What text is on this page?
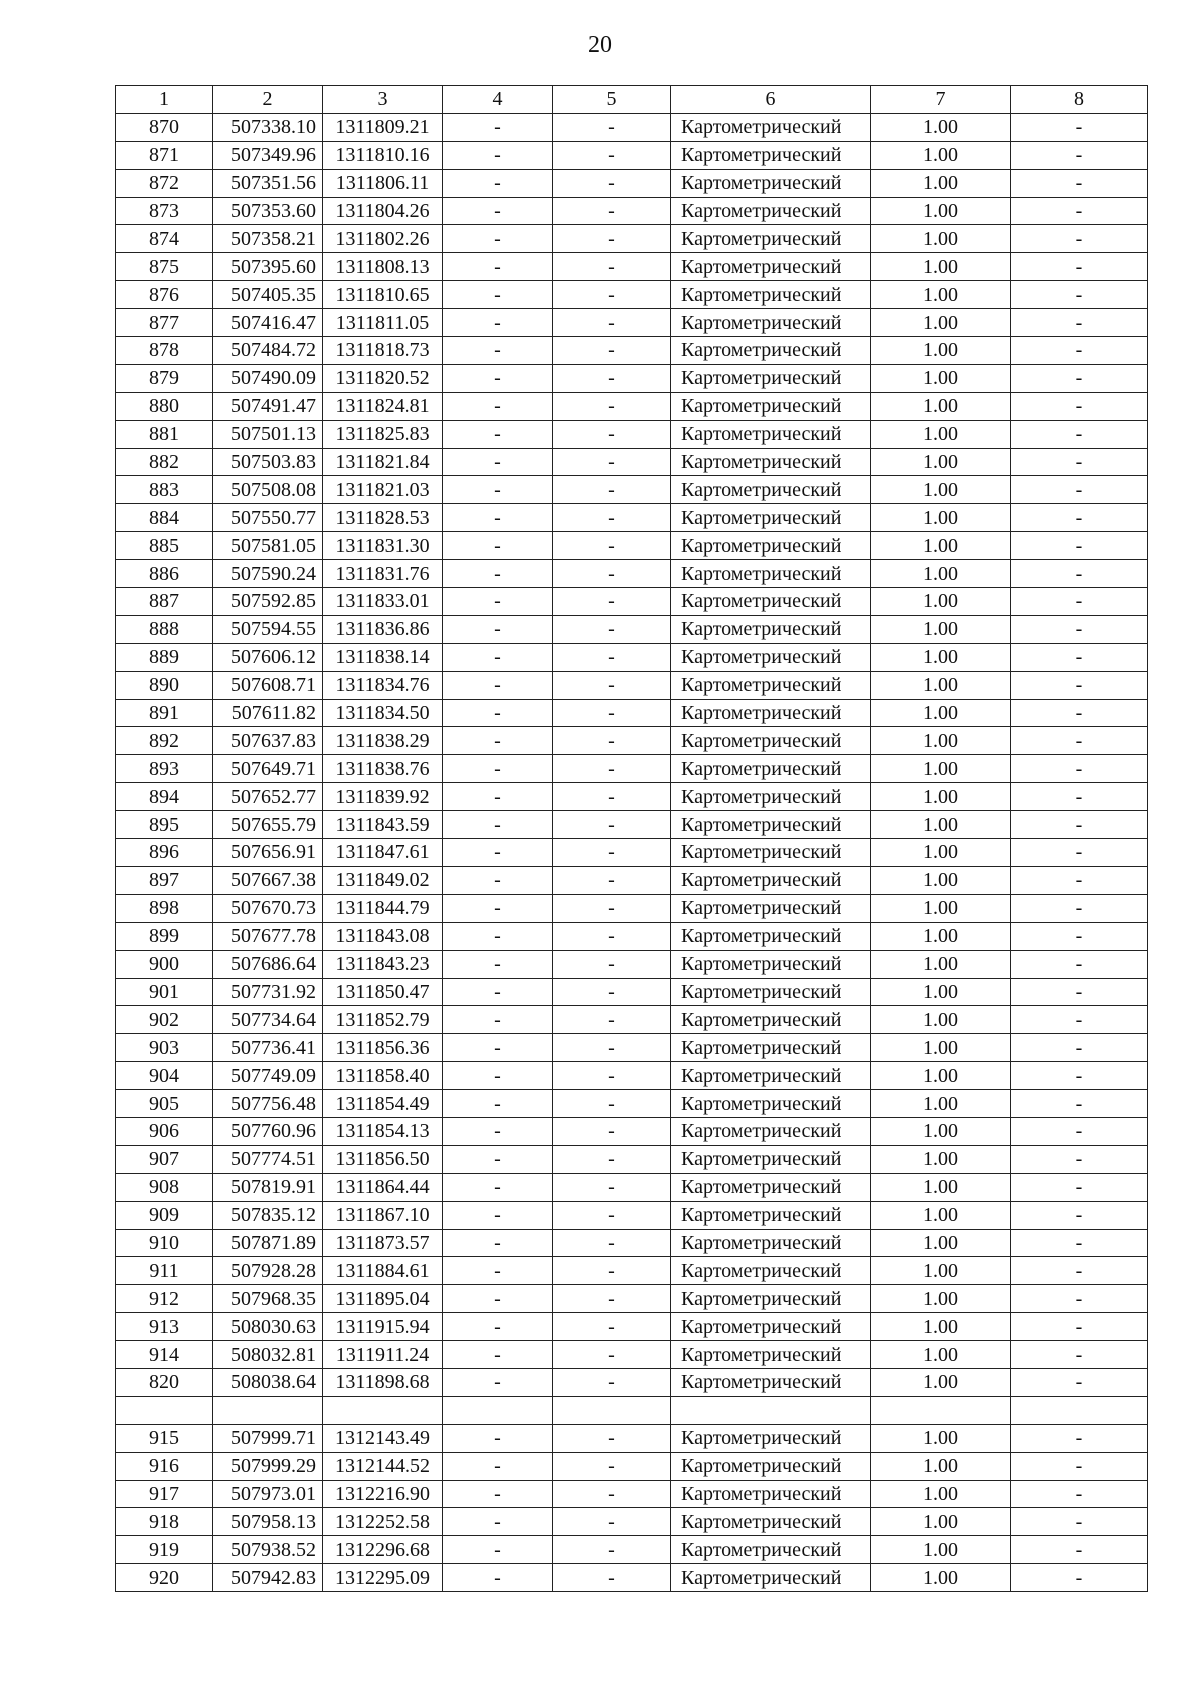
20
1	2	3	4	5	6	7	8
870	507338.10	1311809.21	-	-	Картометрический	1.00	-
871	507349.96	1311810.16	-	-	Картометрический	1.00	-
872	507351.56	1311806.11	-	-	Картометрический	1.00	-
873	507353.60	1311804.26	-	-	Картометрический	1.00	-
874	507358.21	1311802.26	-	-	Картометрический	1.00	-
875	507395.60	1311808.13	-	-	Картометрический	1.00	-
876	507405.35	1311810.65	-	-	Картометрический	1.00	-
877	507416.47	1311811.05	-	-	Картометрический	1.00	-
878	507484.72	1311818.73	-	-	Картометрический	1.00	-
879	507490.09	1311820.52	-	-	Картометрический	1.00	-
880	507491.47	1311824.81	-	-	Картометрический	1.00	-
881	507501.13	1311825.83	-	-	Картометрический	1.00	-
882	507503.83	1311821.84	-	-	Картометрический	1.00	-
883	507508.08	1311821.03	-	-	Картометрический	1.00	-
884	507550.77	1311828.53	-	-	Картометрический	1.00	-
885	507581.05	1311831.30	-	-	Картометрический	1.00	-
886	507590.24	1311831.76	-	-	Картометрический	1.00	-
887	507592.85	1311833.01	-	-	Картометрический	1.00	-
888	507594.55	1311836.86	-	-	Картометрический	1.00	-
889	507606.12	1311838.14	-	-	Картометрический	1.00	-
890	507608.71	1311834.76	-	-	Картометрический	1.00	-
891	507611.82	1311834.50	-	-	Картометрический	1.00	-
892	507637.83	1311838.29	-	-	Картометрический	1.00	-
893	507649.71	1311838.76	-	-	Картометрический	1.00	-
894	507652.77	1311839.92	-	-	Картометрический	1.00	-
895	507655.79	1311843.59	-	-	Картометрический	1.00	-
896	507656.91	1311847.61	-	-	Картометрический	1.00	-
897	507667.38	1311849.02	-	-	Картометрический	1.00	-
898	507670.73	1311844.79	-	-	Картометрический	1.00	-
899	507677.78	1311843.08	-	-	Картометрический	1.00	-
900	507686.64	1311843.23	-	-	Картометрический	1.00	-
901	507731.92	1311850.47	-	-	Картометрический	1.00	-
902	507734.64	1311852.79	-	-	Картометрический	1.00	-
903	507736.41	1311856.36	-	-	Картометрический	1.00	-
904	507749.09	1311858.40	-	-	Картометрический	1.00	-
905	507756.48	1311854.49	-	-	Картометрический	1.00	-
906	507760.96	1311854.13	-	-	Картометрический	1.00	-
907	507774.51	1311856.50	-	-	Картометрический	1.00	-
908	507819.91	1311864.44	-	-	Картометрический	1.00	-
909	507835.12	1311867.10	-	-	Картометрический	1.00	-
910	507871.89	1311873.57	-	-	Картометрический	1.00	-
911	507928.28	1311884.61	-	-	Картометрический	1.00	-
912	507968.35	1311895.04	-	-	Картометрический	1.00	-
913	508030.63	1311915.94	-	-	Картометрический	1.00	-
914	508032.81	1311911.24	-	-	Картометрический	1.00	-
820	508038.64	1311898.68	-	-	Картометрический	1.00	-

915	507999.71	1312143.49	-	-	Картометрический	1.00	-
916	507999.29	1312144.52	-	-	Картометрический	1.00	-
917	507973.01	1312216.90	-	-	Картометрический	1.00	-
918	507958.13	1312252.58	-	-	Картометрический	1.00	-
919	507938.52	1312296.68	-	-	Картометрический	1.00	-
920	507942.83	1312295.09	-	-	Картометрический	1.00	-
